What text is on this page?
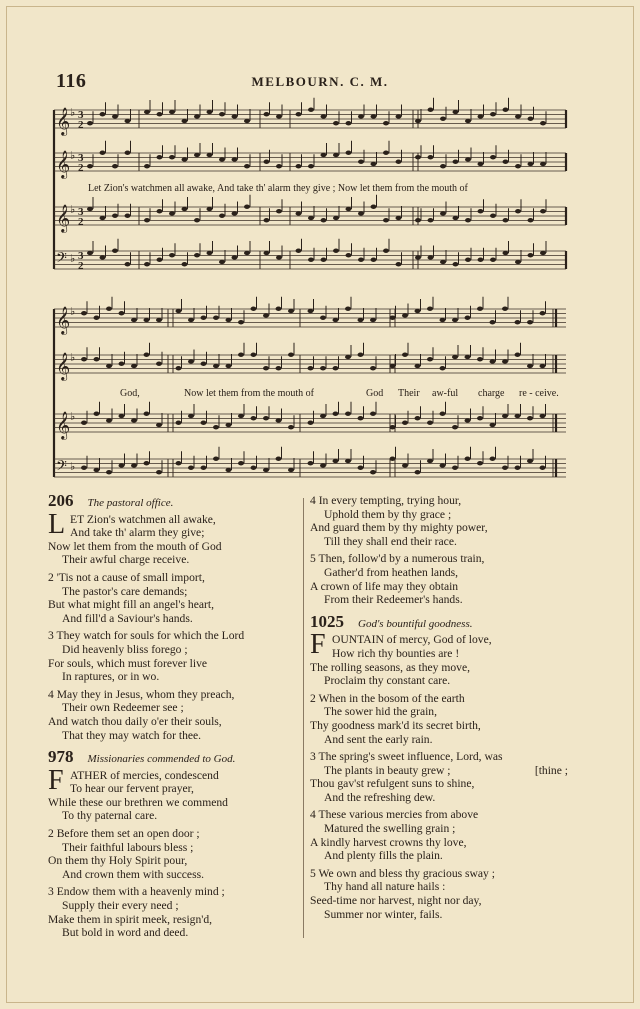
116	MELBOURN. C. M.
𝄞 ♭ 3
2
𝄞 ♭ 3
2
𝄞 ♭ 3
2
𝄢 ♭ 3
2
𝄞 ♭
𝄞 ♭
𝄞 ♭
𝄢 ♭
Let Zion's watchmen all awake, And take th' alarm they give ; Now let them from the mouth of
God,	Now let them from the mouth of	God Their aw-ful charge re - ceive.
206 The pastoral office.
L ET Zion's watchmen all awake,
And take th' alarm they give;
Now let them from the mouth of God
Their awful charge receive.
2 'Tis not a cause of small import,
The pastor's care demands;
But what might fill an angel's heart,
And fill'd a Saviour's hands.
3 They watch for souls for which the Lord
Did heavenly bliss forego ;
For souls, which must forever live
In raptures, or in wo.
4 May they in Jesus, whom they preach,
Their own Redeemer see ;
And watch thou daily o'er their souls,
That they may watch for thee.
978 Missionaries commended to God.
F ATHER of mercies, condescend
To hear our fervent prayer,
While these our brethren we commend
To thy paternal care.
2 Before them set an open door ;
Their faithful labours bless ;
On them thy Holy Spirit pour,
And crown them with success.
3 Endow them with a heavenly mind ;
Supply their every need ;
Make them in spirit meek, resign'd,
But bold in word and deed.
4 In every tempting, trying hour,
Uphold them by thy grace ;
And guard them by thy mighty power,
Till they shall end their race.
5 Then, follow'd by a numerous train,
Gather'd from heathen lands,
A crown of life may they obtain
From their Redeemer's hands.
1025 God's bountiful goodness.
F OUNTAIN of mercy, God of love,
How rich thy bounties are !
The rolling seasons, as they move,
Proclaim thy constant care.
2 When in the bosom of the earth
The sower hid the grain,
Thy goodness mark'd its secret birth,
And sent the early rain.
3 The spring's sweet influence, Lord, was
The plants in beauty grew ;	[thine ;
Thou gav'st refulgent suns to shine,
And the refreshing dew.
4 These various mercies from above
Matured the swelling grain ;
A kindly harvest crowns thy love,
And plenty fills the plain.
5 We own and bless thy gracious sway ;
Thy hand all nature hails :
Seed-time nor harvest, night nor day,
Summer nor winter, fails.
